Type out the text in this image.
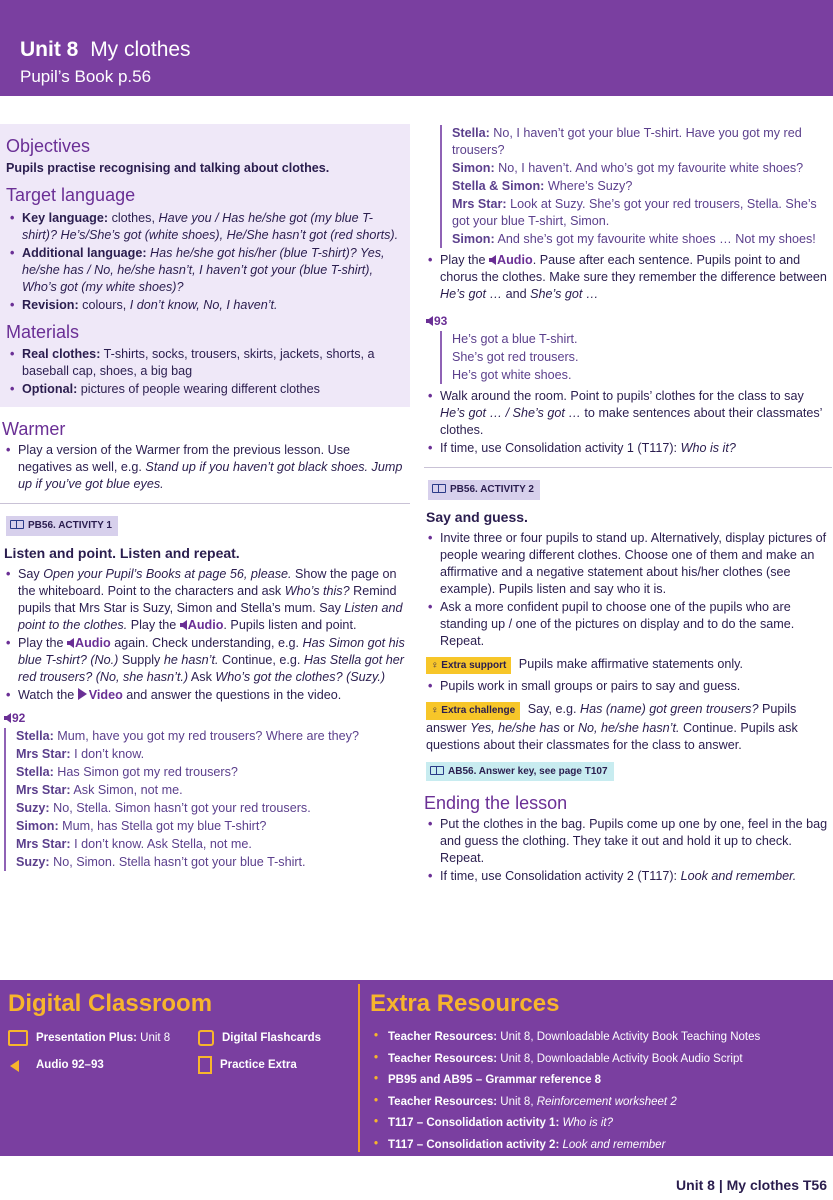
Unit 8 My clothes
Pupil’s Book p.56
Objectives
Pupils practise recognising and talking about clothes.
Target language
• Key language: clothes, Have you / Has he/she got (my blue T-shirt)? He’s/She’s got (white shoes), He/She hasn’t got (red shorts).
• Additional language: Has he/she got his/her (blue T-shirt)? Yes, he/she has / No, he/she hasn’t, I haven’t got your (blue T-shirt), Who’s got (my white shoes)?
• Revision: colours, I don’t know, No, I haven’t.
Materials
• Real clothes: T-shirts, socks, trousers, skirts, jackets, shorts, a baseball cap, shoes, a big bag
• Optional: pictures of people wearing different clothes
Warmer
• Play a version of the Warmer from the previous lesson. Use negatives as well, e.g. Stand up if you haven’t got black shoes. Jump up if you’ve got blue eyes.
PB56. ACTIVITY 1
Listen and point. Listen and repeat.
• Say Open your Pupil’s Books at page 56, please. Show the page on the whiteboard. Point to the characters and ask Who’s this? Remind pupils that Mrs Star is Suzy, Simon and Stella’s mum. Say Listen and point to the clothes. Play the Audio. Pupils listen and point.
• Play the Audio again. Check understanding, e.g. Has Simon got his blue T-shirt? (No.) Supply he hasn’t. Continue, e.g. Has Stella got her red trousers? (No, she hasn’t.) Ask Who’s got the clothes? (Suzy.)
• Watch the Video and answer the questions in the video.
92
Stella: Mum, have you got my red trousers? Where are they?
Mrs Star: I don’t know.
Stella: Has Simon got my red trousers?
Mrs Star: Ask Simon, not me.
Suzy: No, Stella. Simon hasn’t got your red trousers.
Simon: Mum, has Stella got my blue T-shirt?
Mrs Star: I don’t know. Ask Stella, not me.
Suzy: No, Simon. Stella hasn’t got your blue T-shirt.
Stella: No, I haven’t got your blue T-shirt. Have you got my red trousers?
Simon: No, I haven’t. And who’s got my favourite white shoes?
Stella & Simon: Where’s Suzy?
Mrs Star: Look at Suzy. She’s got your red trousers, Stella. She’s got your blue T-shirt, Simon.
Simon: And she’s got my favourite white shoes … Not my shoes!
• Play the Audio. Pause after each sentence. Pupils point to and chorus the clothes. Make sure they remember the difference between He’s got … and She’s got …
93
He’s got a blue T-shirt.
She’s got red trousers.
He’s got white shoes.
• Walk around the room. Point to pupils’ clothes for the class to say He’s got … / She’s got … to make sentences about their classmates’ clothes.
• If time, use Consolidation activity 1 (T117): Who is it?
PB56. ACTIVITY 2
Say and guess.
• Invite three or four pupils to stand up. Alternatively, display pictures of people wearing different clothes. Choose one of them and make an affirmative and a negative statement about his/her clothes (see example). Pupils listen and say who it is.
• Ask a more confident pupil to choose one of the pupils who are standing up / one of the pictures on display and to do the same. Repeat.
♀ Extra support Pupils make affirmative statements only.
• Pupils work in small groups or pairs to say and guess.
♀ Extra challenge Say, e.g. Has (name) got green trousers? Pupils answer Yes, he/she has or No, he/she hasn’t. Continue. Pupils ask questions about their classmates for the class to answer.
AB56. Answer key, see page T107
Ending the lesson
• Put the clothes in the bag. Pupils come up one by one, feel in the bag and guess the clothing. They take it out and hold it up to check. Repeat.
• If time, use Consolidation activity 2 (T117): Look and remember.
Digital Classroom
Presentation Plus: Unit 8	Digital Flashcards
Audio 92–93	Practice Extra
Extra Resources
• Teacher Resources: Unit 8, Downloadable Activity Book Teaching Notes
• Teacher Resources: Unit 8, Downloadable Activity Book Audio Script
• PB95 and AB95 – Grammar reference 8
• Teacher Resources: Unit 8, Reinforcement worksheet 2
• T117 – Consolidation activity 1: Who is it?
• T117 – Consolidation activity 2: Look and remember
Unit 8 | My clothes T56
